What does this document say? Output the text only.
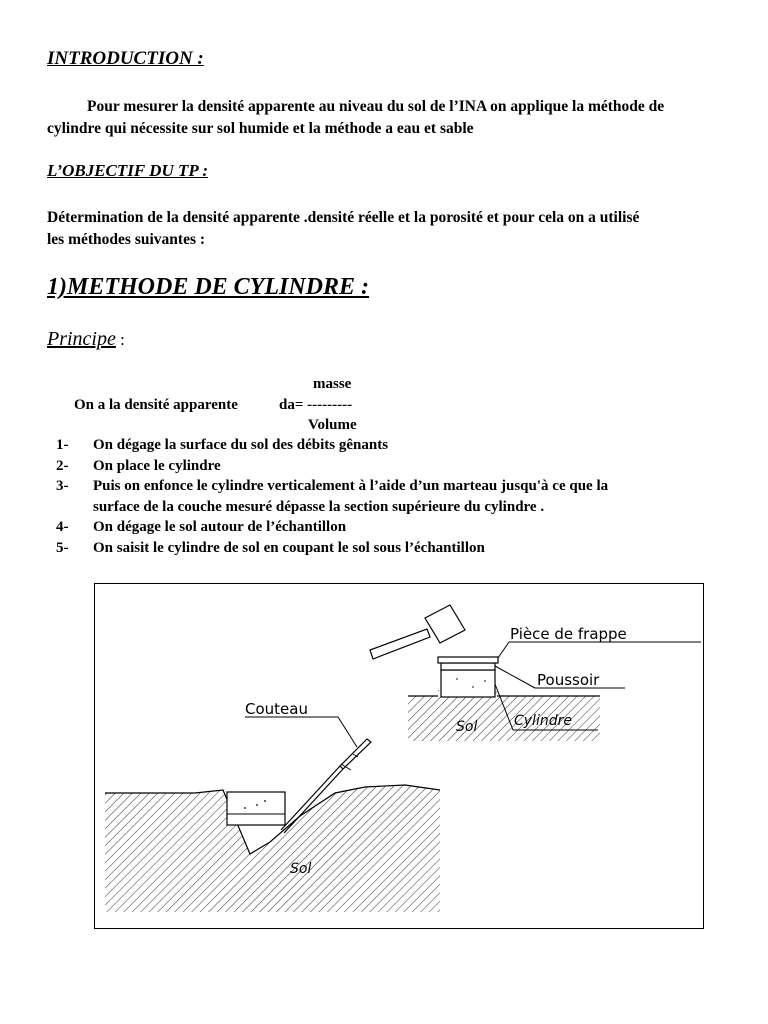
INTRODUCTION :
Pour mesurer la densité apparente au niveau du sol de l’INA on applique la méthode de
cylindre qui nécessite sur sol humide et la méthode a eau et sable
L’OBJECTIF DU TP :
Détermination de la densité apparente .densité réelle et la porosité et pour cela on a utilisé
les méthodes suivantes :
1)METHODE DE CYLINDRE :
Principe :
masse
On a la densité apparente	da= ---------
Volume
1- On dégage la surface du sol des débits gênants
2- On place le cylindre
3- Puis on enfonce le cylindre verticalement à l’aide d’un marteau jusqu'à ce que la
surface de la couche mesuré dépasse la section supérieure du cylindre .
4- On dégage le sol autour de l’échantillon
5- On saisit le cylindre de sol en coupant le sol sous l’échantillon
Couteau
Sol
Pièce de frappe
Poussoir
Cylindre
Sol
